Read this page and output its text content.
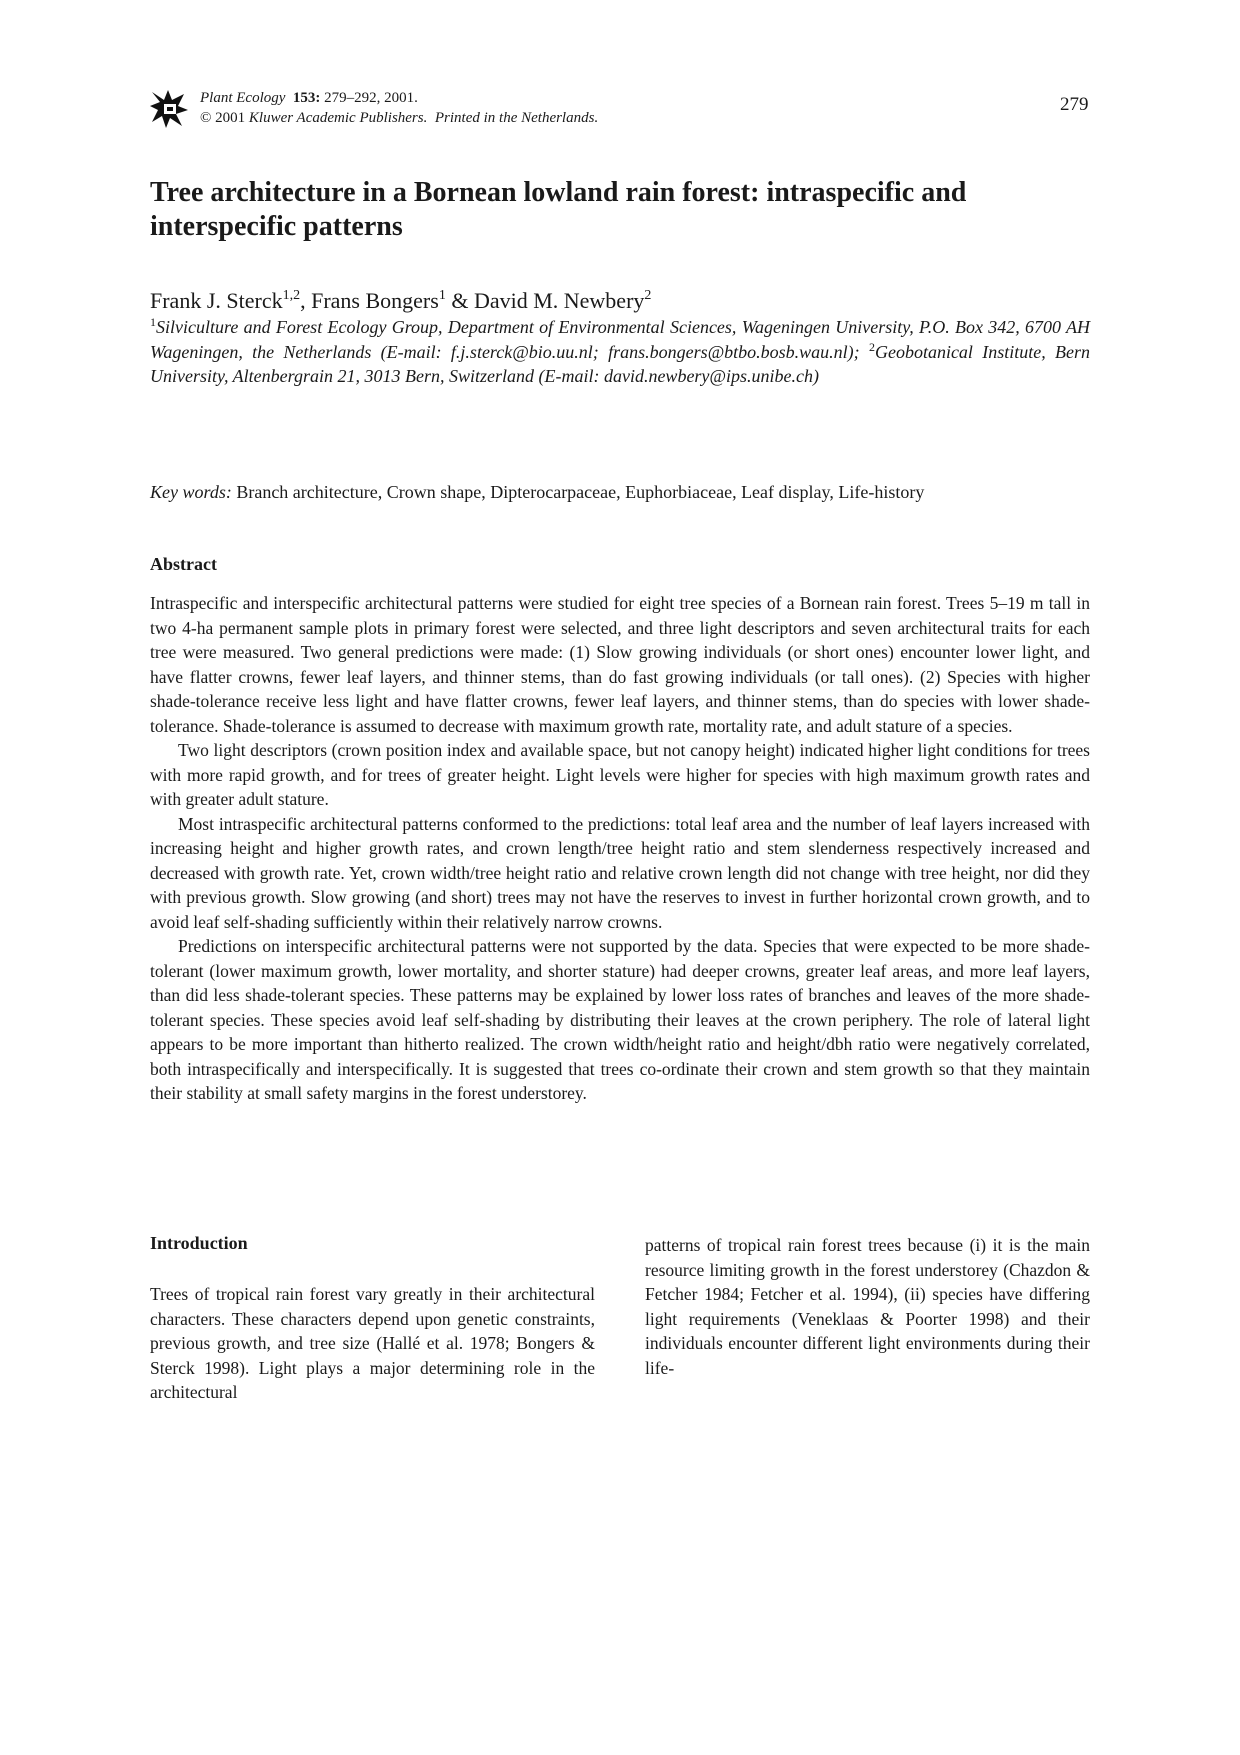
Plant Ecology 153: 279–292, 2001.
© 2001 Kluwer Academic Publishers. Printed in the Netherlands.
279
Tree architecture in a Bornean lowland rain forest: intraspecific and interspecific patterns
Frank J. Sterck$^{1,2}$, Frans Bongers$^1$ & David M. Newbery$^2$
$^1$Silviculture and Forest Ecology Group, Department of Environmental Sciences, Wageningen University, P.O. Box 342, 6700 AH Wageningen, the Netherlands (E-mail: f.j.sterck@bio.uu.nl; frans.bongers@btbo.bosb.wau.nl); $^2$Geobotanical Institute, Bern University, Altenbergrain 21, 3013 Bern, Switzerland (E-mail: david.newbery@ips.unibe.ch)
Key words: Branch architecture, Crown shape, Dipterocarpaceae, Euphorbiaceae, Leaf display, Life-history
Abstract

Intraspecific and interspecific architectural patterns were studied for eight tree species of a Bornean rain forest. Trees 5–19 m tall in two 4-ha permanent sample plots in primary forest were selected, and three light descriptors and seven architectural traits for each tree were measured. Two general predictions were made: (1) Slow growing individuals (or short ones) encounter lower light, and have flatter crowns, fewer leaf layers, and thinner stems, than do fast growing individuals (or tall ones). (2) Species with higher shade-tolerance receive less light and have flatter crowns, fewer leaf layers, and thinner stems, than do species with lower shade-tolerance. Shade-tolerance is assumed to decrease with maximum growth rate, mortality rate, and adult stature of a species.

Two light descriptors (crown position index and available space, but not canopy height) indicated higher light conditions for trees with more rapid growth, and for trees of greater height. Light levels were higher for species with high maximum growth rates and with greater adult stature.

Most intraspecific architectural patterns conformed to the predictions: total leaf area and the number of leaf layers increased with increasing height and higher growth rates, and crown length/tree height ratio and stem slenderness respectively increased and decreased with growth rate. Yet, crown width/tree height ratio and relative crown length did not change with tree height, nor did they with previous growth. Slow growing (and short) trees may not have the reserves to invest in further horizontal crown growth, and to avoid leaf self-shading sufficiently within their relatively narrow crowns.

Predictions on interspecific architectural patterns were not supported by the data. Species that were expected to be more shade-tolerant (lower maximum growth, lower mortality, and shorter stature) had deeper crowns, greater leaf areas, and more leaf layers, than did less shade-tolerant species. These patterns may be explained by lower loss rates of branches and leaves of the more shade-tolerant species. These species avoid leaf self-shading by distributing their leaves at the crown periphery. The role of lateral light appears to be more important than hitherto realized. The crown width/height ratio and height/dbh ratio were negatively correlated, both intraspecifically and interspecifically. It is suggested that trees co-ordinate their crown and stem growth so that they maintain their stability at small safety margins in the forest understorey.

Introduction

Trees of tropical rain forest vary greatly in their architectural characters. These characters depend upon genetic constraints, previous growth, and tree size (Hallé et al. 1978; Bongers & Sterck 1998). Light plays a major determining role in the architectural

patterns of tropical rain forest trees because (i) it is the main resource limiting growth in the forest understorey (Chazdon & Fetcher 1984; Fetcher et al. 1994), (ii) species have differing light requirements (Veneklaas & Poorter 1998) and their individuals encounter different light environments during their life-
